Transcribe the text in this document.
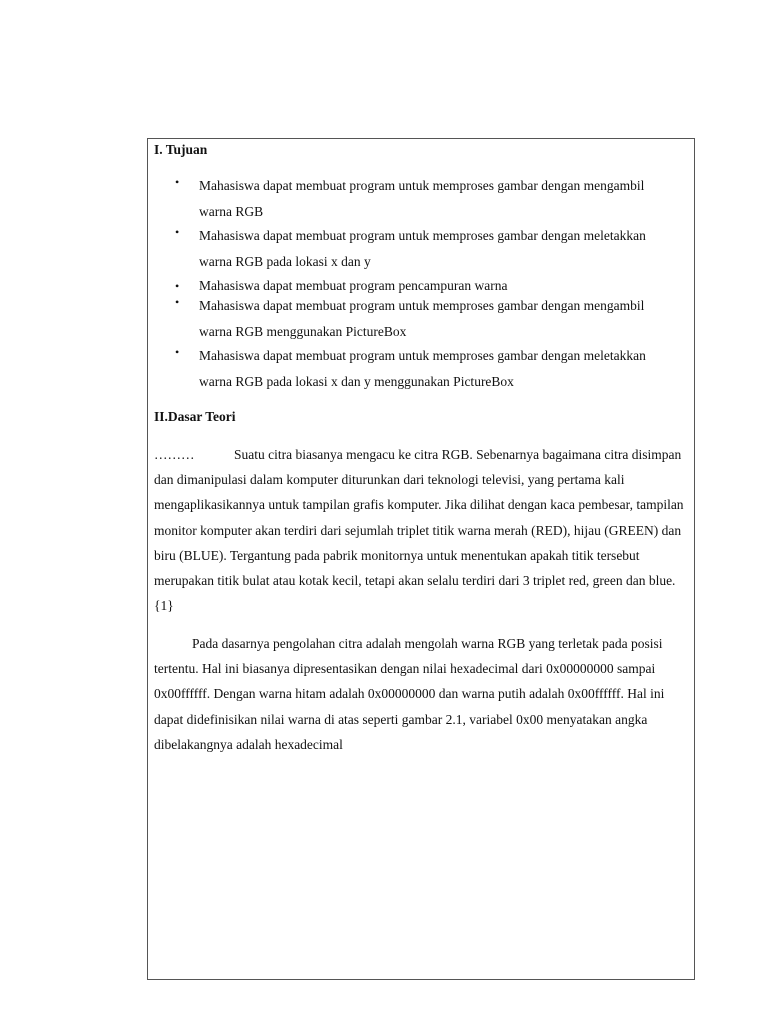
I. Tujuan
• Mahasiswa dapat membuat program untuk memproses gambar dengan mengambil warna RGB
• Mahasiswa dapat membuat program untuk memproses gambar dengan meletakkan warna RGB pada lokasi x dan y
• Mahasiswa dapat membuat program pencampuran warna
• Mahasiswa dapat membuat program untuk memproses gambar dengan mengambil warna RGB menggunakan PictureBox
• Mahasiswa dapat membuat program untuk memproses gambar dengan meletakkan warna RGB pada lokasi x dan y menggunakan PictureBox
II.Dasar Teori

………	Suatu citra biasanya mengacu ke citra RGB. Sebenarnya bagaimana citra disimpan dan dimanipulasi dalam komputer diturunkan dari teknologi televisi, yang pertama kali mengaplikasikannya untuk tampilan grafis komputer. Jika dilihat dengan kaca pembesar, tampilan monitor komputer akan terdiri dari sejumlah triplet titik warna merah (RED), hijau (GREEN) dan biru (BLUE). Tergantung pada pabrik monitornya untuk menentukan apakah titik tersebut merupakan titik bulat atau kotak kecil, tetapi akan selalu terdiri dari 3 triplet red, green dan blue. {1}

Pada dasarnya pengolahan citra adalah mengolah warna RGB yang terletak pada posisi tertentu. Hal ini biasanya dipresentasikan dengan nilai hexadecimal dari 0x00000000 sampai 0x00ffffff. Dengan warna hitam adalah 0x00000000 dan warna putih adalah 0x00ffffff. Hal ini dapat didefinisikan nilai warna di atas seperti gambar 2.1, variabel 0x00 menyatakan angka dibelakangnya adalah hexadecimal
